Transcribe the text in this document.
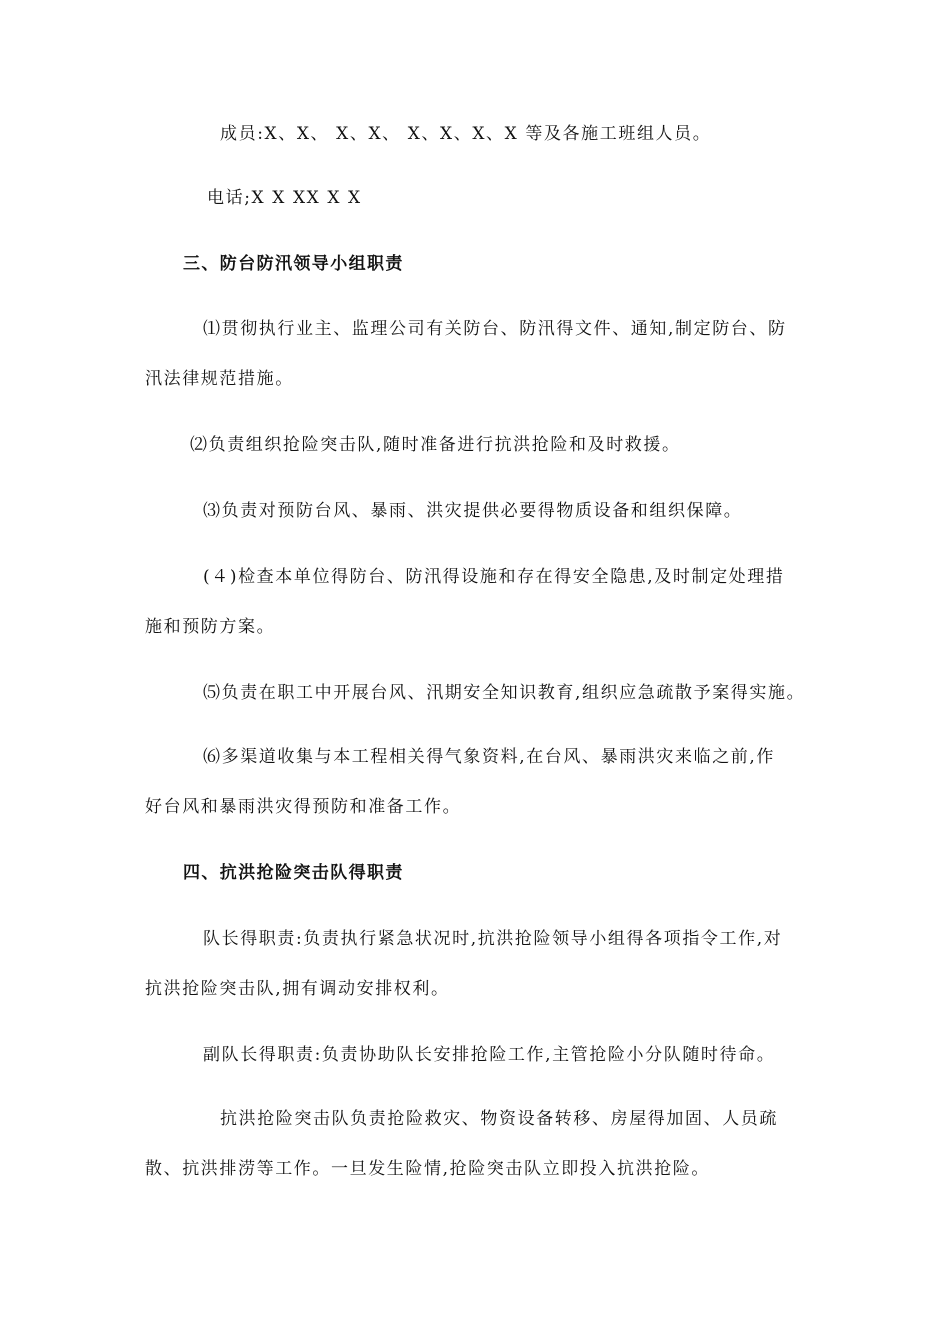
成员:X、X、 X、X、 X、X、X、X 等及各施工班组人员。
电话;X X XX X X
三、防台防汛领导小组职责
⑴贯彻执行业主、监理公司有关防台、防汛得文件、通知,制定防台、防
汛法律规范措施。
⑵负责组织抢险突击队,随时准备进行抗洪抢险和及时救援。
⑶负责对预防台风、暴雨、洪灾提供必要得物质设备和组织保障。
(４)检查本单位得防台、防汛得设施和存在得安全隐患,及时制定处理措
施和预防方案。
⑸负责在职工中开展台风、汛期安全知识教育,组织应急疏散予案得实施。
⑹多渠道收集与本工程相关得气象资料,在台风、暴雨洪灾来临之前,作
好台风和暴雨洪灾得预防和准备工作。
四、抗洪抢险突击队得职责
队长得职责:负责执行紧急状况时,抗洪抢险领导小组得各项指令工作,对
抗洪抢险突击队,拥有调动安排权利。
副队长得职责:负责协助队长安排抢险工作,主管抢险小分队随时待命。
抗洪抢险突击队负责抢险救灾、物资设备转移、房屋得加固、人员疏
散、抗洪排涝等工作。一旦发生险情,抢险突击队立即投入抗洪抢险。
